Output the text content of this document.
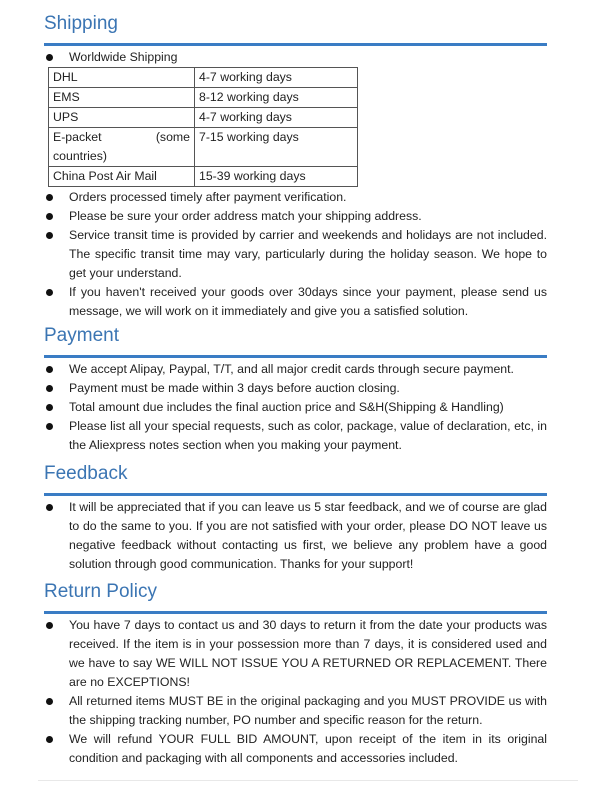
Shipping
Worldwide Shipping
DHL	4-7 working days
EMS	8-12 working days
UPS	4-7 working days
E-packet (some countries)	7-15 working days
China Post Air Mail	15-39 working days
Orders processed timely after payment verification.
Please be sure your order address match your shipping address.
Service transit time is provided by carrier and weekends and holidays are not included. The specific transit time may vary, particularly during the holiday season. We hope to get your understand.
If you haven't received your goods over 30days since your payment, please send us message, we will work on it immediately and give you a satisfied solution.
Payment
We accept Alipay, Paypal, T/T, and all major credit cards through secure payment.
Payment must be made within 3 days before auction closing.
Total amount due includes the final auction price and S&H(Shipping & Handling)
Please list all your special requests, such as color, package, value of declaration, etc, in the Aliexpress notes section when you making your payment.
Feedback
It will be appreciated that if you can leave us 5 star feedback, and we of course are glad to do the same to you. If you are not satisfied with your order, please DO NOT leave us negative feedback without contacting us first, we believe any problem have a good solution through good communication. Thanks for your support!
Return Policy
You have 7 days to contact us and 30 days to return it from the date your products was received. If the item is in your possession more than 7 days, it is considered used and we have to say WE WILL NOT ISSUE YOU A RETURNED OR REPLACEMENT. There are no EXCEPTIONS!
All returned items MUST BE in the original packaging and you MUST PROVIDE us with the shipping tracking number, PO number and specific reason for the return.
We will refund YOUR FULL BID AMOUNT, upon receipt of the item in its original condition and packaging with all components and accessories included.
